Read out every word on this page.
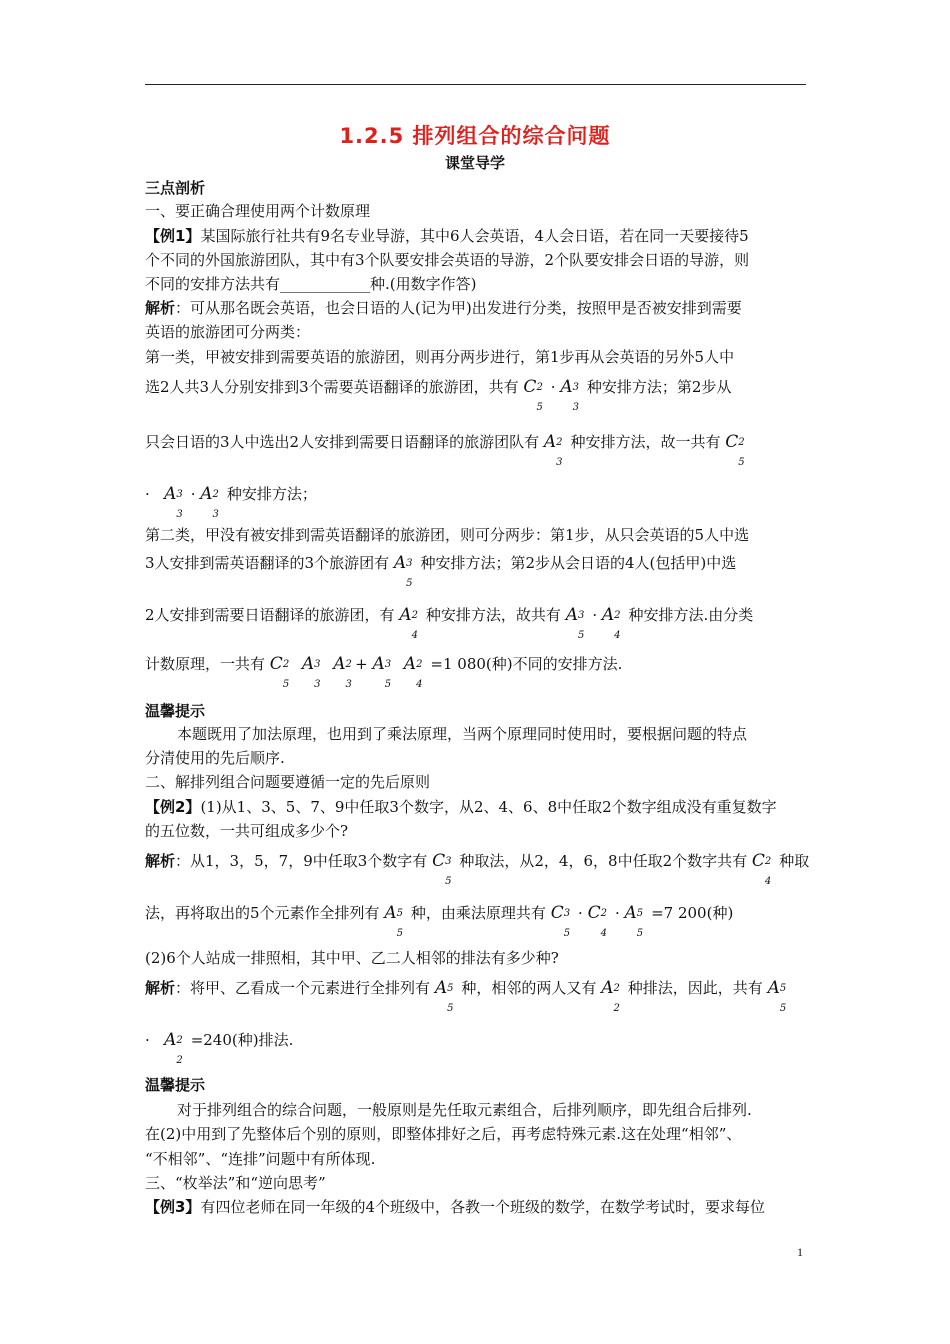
1.2.5 排列组合的综合问题
课堂导学
三点剖析
一、要正确合理使用两个计数原理
【例1】某国际旅行社共有9名专业导游，其中6人会英语，4人会日语，若在同一天要接待5
个不同的外国旅游团队，其中有3个队要安排会英语的导游，2个队要安排会日语的导游，则
不同的安排方法共有____________种.(用数字作答)
解析：可从那名既会英语，也会日语的人(记为甲)出发进行分类，按照甲是否被安排到需要
英语的旅游团可分两类：
第一类，甲被安排到需要英语的旅游团，则再分两步进行，第1步再从会英语的另外5人中
选2人共3人分别安排到3个需要英语翻译的旅游团，共有 C 2
5
· A 3
3
种安排方法；第2步从
只会日语的3人中选出2人安排到需要日语翻译的旅游团队有 A 2
3
种安排方法，故一共有 C 2
5
· A 3
3
· A 2
3
种安排方法；
第二类，甲没有被安排到需英语翻译的旅游团，则可分两步：第1步，从只会英语的5人中选
3人安排到需英语翻译的3个旅游团有 A 3
5
种安排方法；第2步从会日语的4人(包括甲)中选
2人安排到需要日语翻译的旅游团，有 A 2
4
种安排方法，故共有 A 3
5
· A 2
4
种安排方法.由分类
计数原理，一共有 C 2
5
A 3
3
A 2
3
+ A 3
5
A 2
4
=1 080(种)不同的安排方法.
温馨提示
本题既用了加法原理，也用到了乘法原理，当两个原理同时使用时，要根据问题的特点
分清使用的先后顺序.
二、解排列组合问题要遵循一定的先后原则
【例2】(1)从1、3、5、7、9中任取3个数字，从2、4、6、8中任取2个数字组成没有重复数字
的五位数，一共可组成多少个?
解析：从1，3，5，7，9中任取3个数字有 C 3
5
种取法，从2，4，6，8中任取2个数字共有 C 2
4
种取
法，再将取出的5个元素作全排列有 A 5
5
种，由乘法原理共有 C 3
5
· C 2
4
· A 5
5
=7 200(种)
(2)6个人站成一排照相，其中甲、乙二人相邻的排法有多少种?
解析：将甲、乙看成一个元素进行全排列有 A 5
5
种，相邻的两人又有 A 2
2
种排法，因此，共有 A 5
5
· A 2
2
=240(种)排法.
温馨提示
对于排列组合的综合问题，一般原则是先任取元素组合，后排列顺序，即先组合后排列.
在(2)中用到了先整体后个别的原则，即整体排好之后，再考虑特殊元素.这在处理“相邻”、
“不相邻”、“连排”问题中有所体现.
三、“枚举法”和“逆向思考”
【例3】有四位老师在同一年级的4个班级中，各教一个班级的数学，在数学考试时，要求每位
1
